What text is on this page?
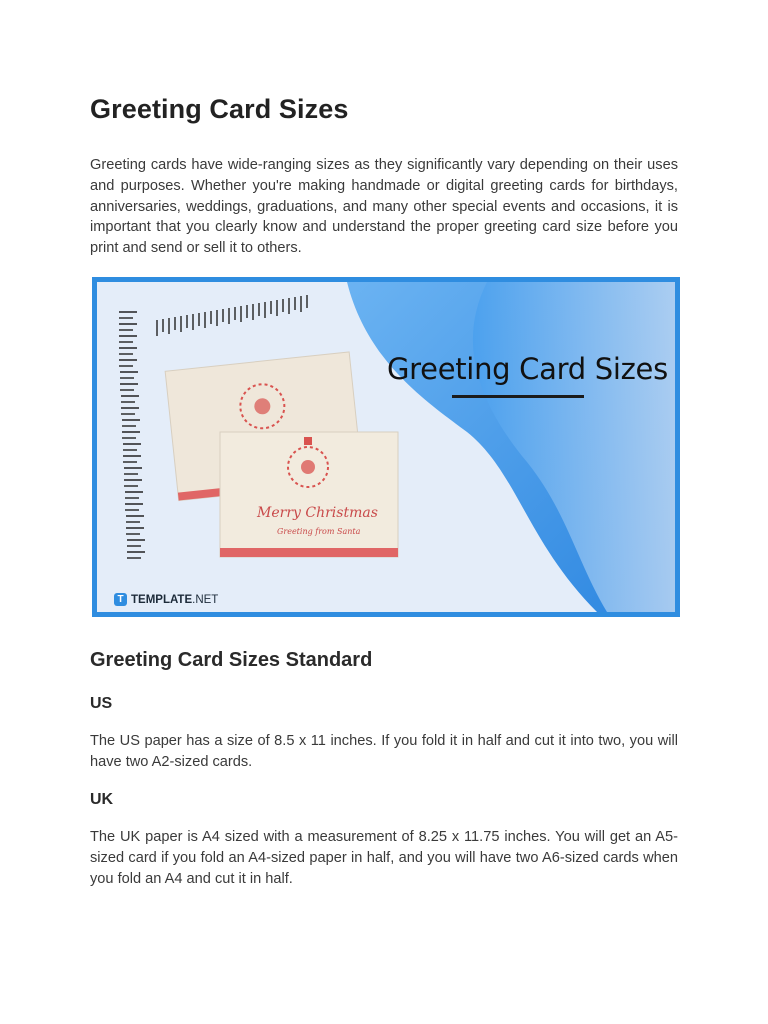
Greeting Card Sizes

Greeting cards have wide-ranging sizes as they significantly vary depending on their uses and purposes. Whether you're making handmade or digital greeting cards for birthdays, anniversaries, weddings, graduations, and many other special events and occasions, it is important that you clearly know and understand the proper greeting card size before you print and send or sell it to others.

Merry Christmas
Greeting from Santa
Greeting Card Sizes
T TEMPLATE.NET
Greeting Card Sizes Standard
US

The US paper has a size of 8.5 x 11 inches. If you fold it in half and cut it into two, you will have two A2-sized cards.

UK

The UK paper is A4 sized with a measurement of 8.25 x 11.75 inches. You will get an A5-sized card if you fold an A4-sized paper in half, and you will have two A6-sized cards when you fold an A4 and cut it in half.
